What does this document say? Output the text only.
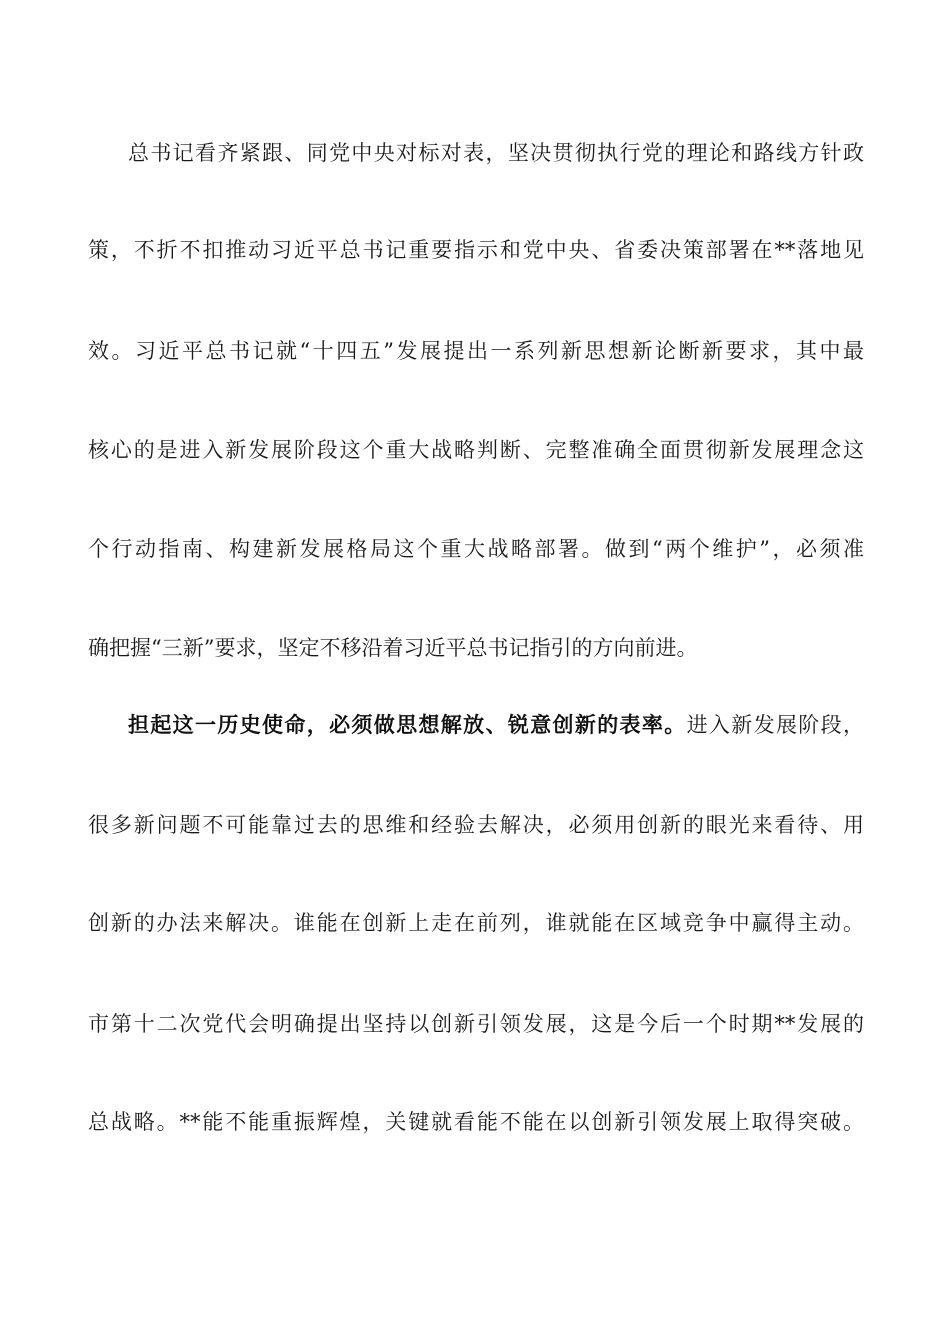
总书记看齐紧跟、同党中央对标对表，坚决贯彻执行党的理论和路线方针政
策，不折不扣推动习近平总书记重要指示和党中央、省委决策部署在**落地见
效。习近平总书记就“十四五”发展提出一系列新思想新论断新要求，其中最
核心的是进入新发展阶段这个重大战略判断、完整准确全面贯彻新发展理念这
个行动指南、构建新发展格局这个重大战略部署。做到“两个维护”，必须准
确把握“三新”要求，坚定不移沿着习近平总书记指引的方向前进。
担起这一历史使命，必须做思想解放、锐意创新的表率。进入新发展阶段，
很多新问题不可能靠过去的思维和经验去解决，必须用创新的眼光来看待、用
创新的办法来解决。谁能在创新上走在前列，谁就能在区域竞争中赢得主动。
市第十二次党代会明确提出坚持以创新引领发展，这是今后一个时期**发展的
总战略。**能不能重振辉煌，关键就看能不能在以创新引领发展上取得突破。
